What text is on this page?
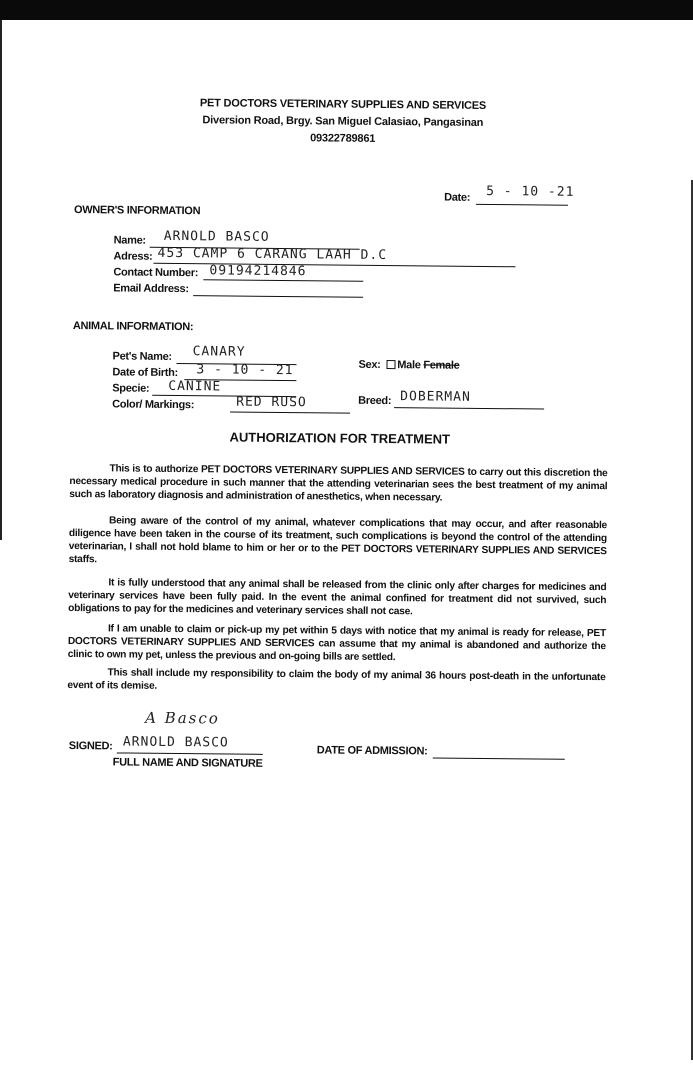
PET DOCTORS VETERINARY SUPPLIES AND SERVICES
Diversion Road, Brgy. San Miguel Calasiao, Pangasinan
09322789861
Date: 5 - 10 -21
OWNER'S INFORMATION
Name: ARNOLD BASCO
Adress: 453 CAMP 6 CARANG LAAH D.C
Contact Number: 09194214846
Email Address:
ANIMAL INFORMATION:
Pet's Name: CANARY
Date of Birth: 3 - 10 - 21
Specie: CANINE
Color/ Markings:	RED RUSO
Sex: Male Female
Breed: DOBERMAN
AUTHORIZATION FOR TREATMENT

This is to authorize PET DOCTORS VETERINARY SUPPLIES AND SERVICES to carry out this discretion the necessary medical procedure in such manner that the attending veterinarian sees the best treatment of my animal such as laboratory diagnosis and administration of anesthetics, when necessary.

Being aware of the control of my animal, whatever complications that may occur, and after reasonable diligence have been taken in the course of its treatment, such complications is beyond the control of the attending veterinarian, I shall not hold blame to him or her or to the PET DOCTORS VETERINARY SUPPLIES AND SERVICES staffs.

It is fully understood that any animal shall be released from the clinic only after charges for medicines and veterinary services have been fully paid. In the event the animal confined for treatment did not survived, such obligations to pay for the medicines and veterinary services shall not case.

If I am unable to claim or pick-up my pet within 5 days with notice that my animal is ready for release, PET DOCTORS VETERINARY SUPPLIES AND SERVICES can assume that my animal is abandoned and authorize the clinic to own my pet, unless the previous and on-going bills are settled.

This shall include my responsibility to claim the body of my animal 36 hours post-death in the unfortunate event of its demise.

A Basco
SIGNED: ARNOLD BASCO
FULL NAME AND SIGNATURE
DATE OF ADMISSION:
